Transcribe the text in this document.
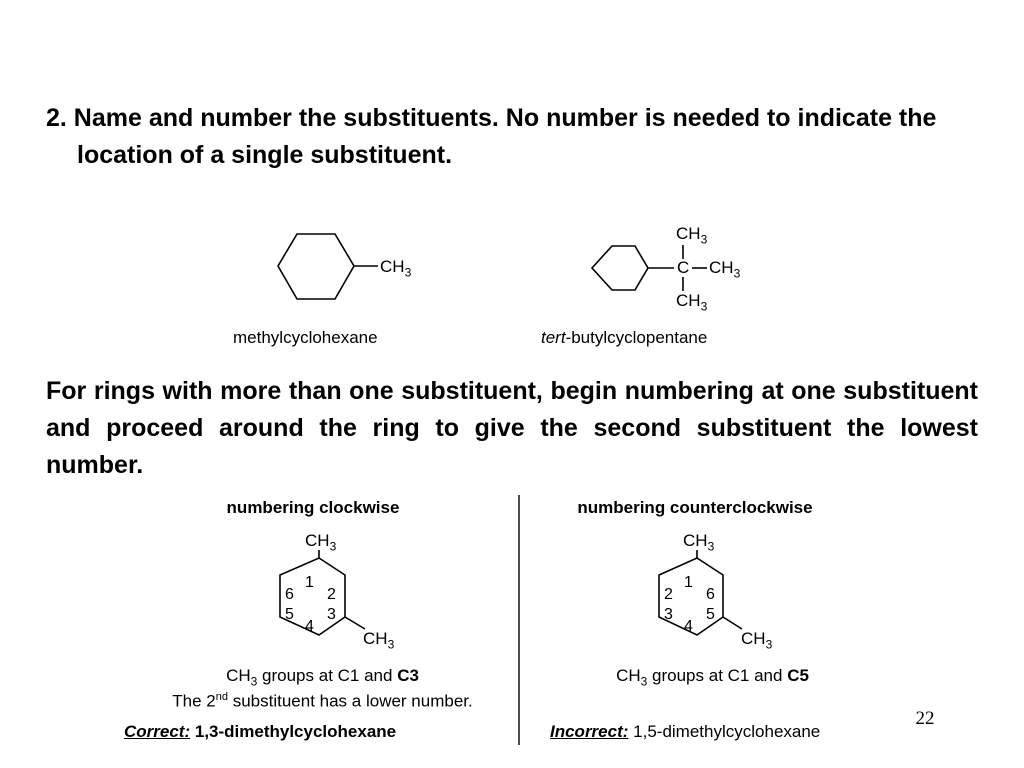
2. Name and number the substituents. No number is needed to indicate the location of a single substituent.

$CH_3$
methylcyclohexane
$CH_3$
C $CH_3$
$CH_3$
tert-butylcyclopentane

For rings with more than one substituent, begin numbering at one substituent and proceed around the ring to give the second substituent the lowest number.

numbering clockwise
$CH_3$
1
2
3
4
5
6
$CH_3$
$CH_3$ groups at C1 and C3
The 2nd substituent has a lower number.
Correct: 1,3-dimethylcyclohexane
numbering counterclockwise
$CH_3$
1
6
5
4
3
2
$CH_3$
$CH_3$ groups at C1 and C5
Incorrect: 1,5-dimethylcyclohexane
22
